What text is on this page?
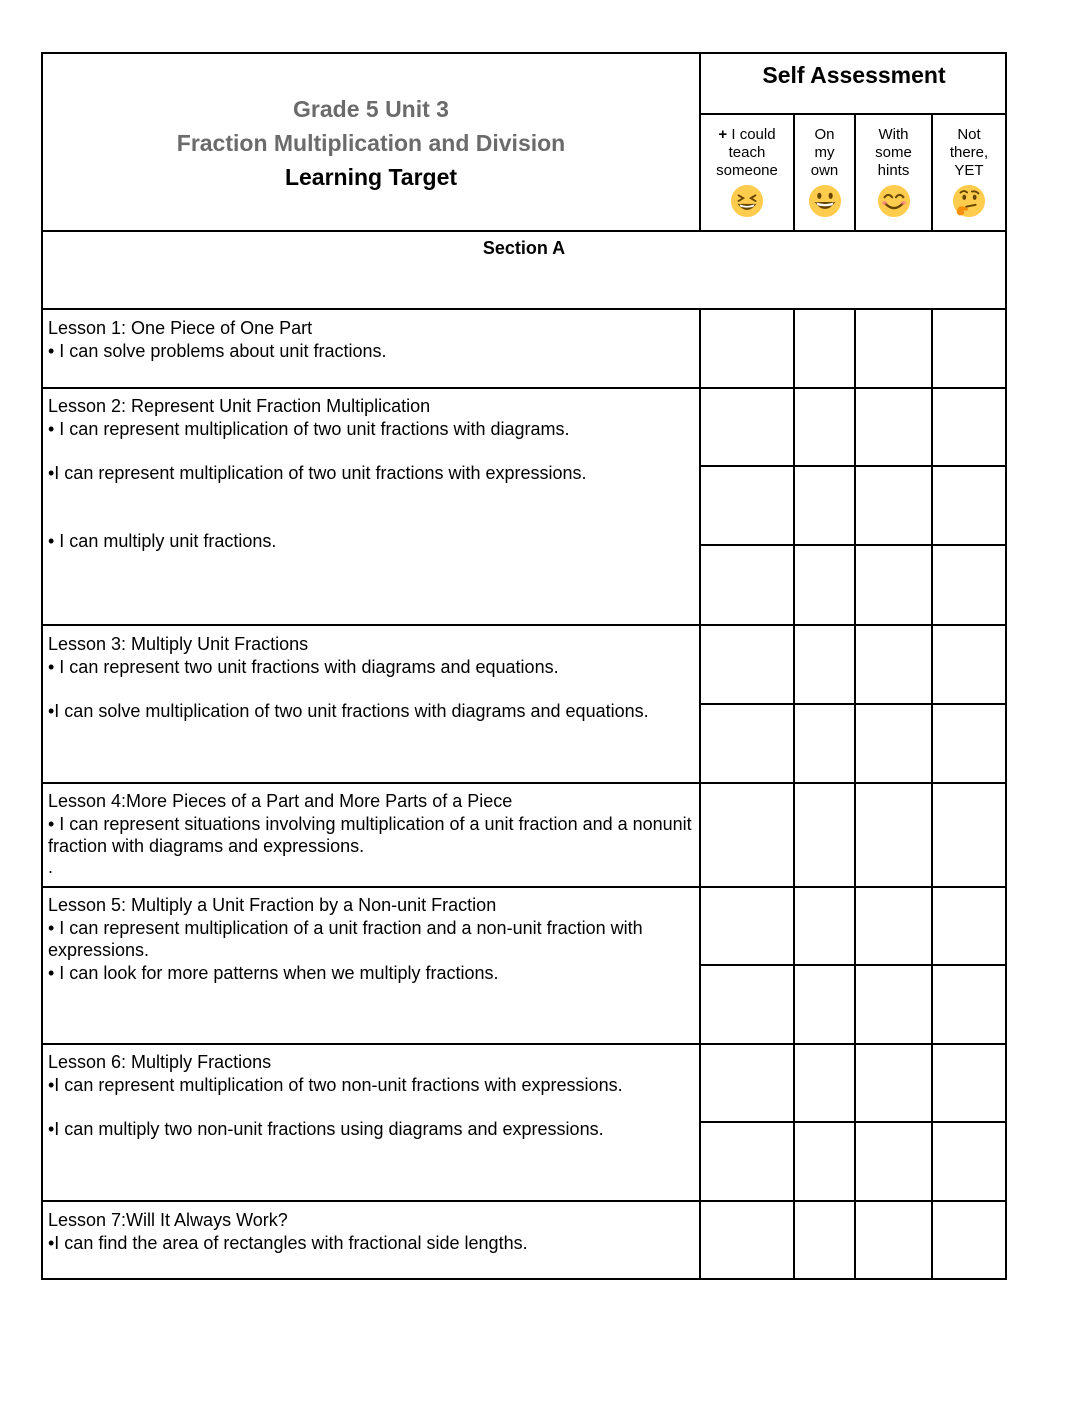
Grade 5 Unit 3
Fraction Multiplication and Division
Learning Target
Self Assessment
+ I could
teach
someone
On
my
own
With
some
hints
Not
there,
YET
Section A

Lesson 1: One Piece of One Part

• I can solve problems about unit fractions.

Lesson 2: Represent Unit Fraction Multiplication

• I can represent multiplication of two unit fractions with diagrams.

•I can represent multiplication of two unit fractions with expressions.

• I can multiply unit fractions.

Lesson 3: Multiply Unit Fractions

• I can represent two unit fractions with diagrams and equations.

•I can solve multiplication of two unit fractions with diagrams and equations.

Lesson 4:More Pieces of a Part and More Parts of a Piece

• I can represent situations involving multiplication of a unit fraction and a nonunit fraction with diagrams and expressions.

.

Lesson 5: Multiply a Unit Fraction by a Non-unit Fraction

• I can represent multiplication of a unit fraction and a non-unit fraction with expressions.

• I can look for more patterns when we multiply fractions.

Lesson 6: Multiply Fractions

•I can represent multiplication of two non-unit fractions with expressions.

•I can multiply two non-unit fractions using diagrams and expressions.

Lesson 7:Will It Always Work?

•I can find the area of rectangles with fractional side lengths.
